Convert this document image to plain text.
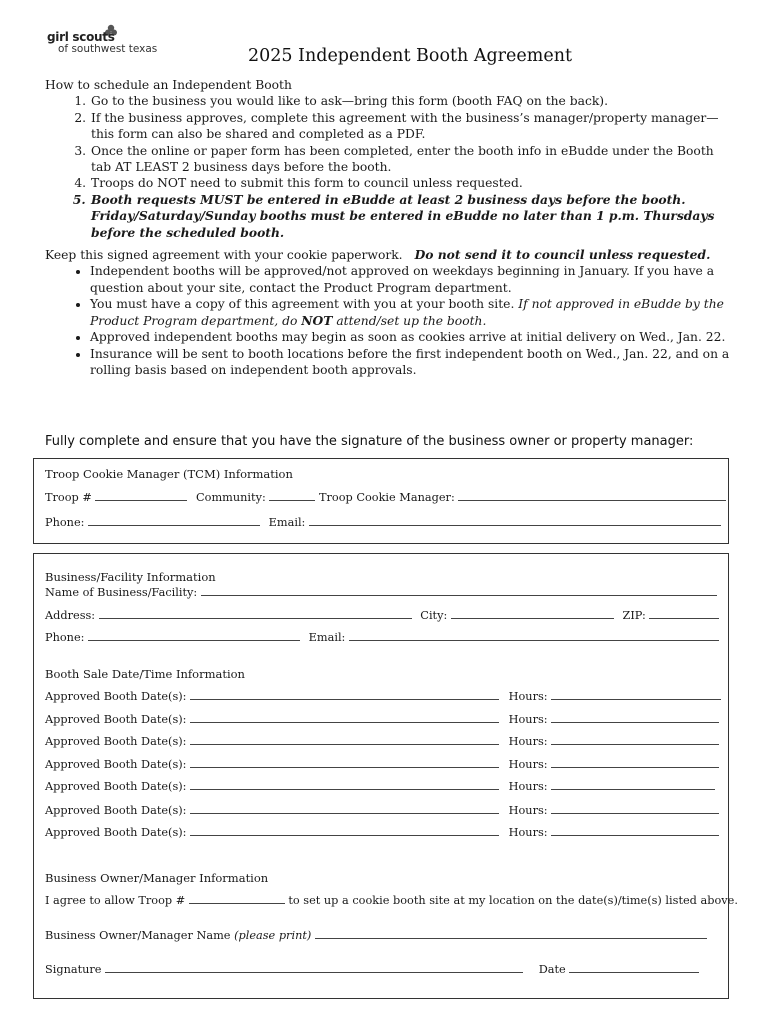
girl scouts
of southwest texas	2025 Independent Booth Agreement
How to schedule an Independent Booth
1. Go to the business you would like to ask—bring this form (booth FAQ on the back).
2. If the business approves, complete this agreement with the business’s manager/property manager—this form can also be shared and completed as a PDF.
3. Once the online or paper form has been completed, enter the booth info in eBudde under the Booth tab AT LEAST 2 business days before the booth.
4. Troops do NOT need to submit this form to council unless requested.
5. Booth requests MUST be entered in eBudde at least 2 business days before the booth. Friday/Saturday/Sunday booths must be entered in eBudde no later than 1 p.m. Thursdays before the scheduled booth.
Keep this signed agreement with your cookie paperwork. Do not send it to council unless requested.
• Independent booths will be approved/not approved on weekdays beginning in January. If you have a question about your site, contact the Product Program department.
• You must have a copy of this agreement with you at your booth site. If not approved in eBudde by the Product Program department, do NOT attend/set up the booth.
• Approved independent booths may begin as soon as cookies arrive at initial delivery on Wed., Jan. 22.
• Insurance will be sent to booth locations before the first independent booth on Wed., Jan. 22, and on a rolling basis based on independent booth approvals.
Fully complete and ensure that you have the signature of the business owner or property manager:
Troop Cookie Manager (TCM) Information
Troop #	Community:	Troop Cookie Manager:
Phone:	Email:
Business/Facility Information
Name of Business/Facility:
Address:	City:	ZIP:
Phone:	Email:
Booth Sale Date/Time Information
Approved Booth Date(s):	Hours:
Approved Booth Date(s):	Hours:
Approved Booth Date(s):	Hours:
Approved Booth Date(s):	Hours:
Approved Booth Date(s):	Hours:
Approved Booth Date(s):	Hours:
Approved Booth Date(s):	Hours:
Business Owner/Manager Information
I agree to allow Troop #	to set up a cookie booth site at my location on the date(s)/time(s) listed above.
Business Owner/Manager Name (please print)
Signature	Date
